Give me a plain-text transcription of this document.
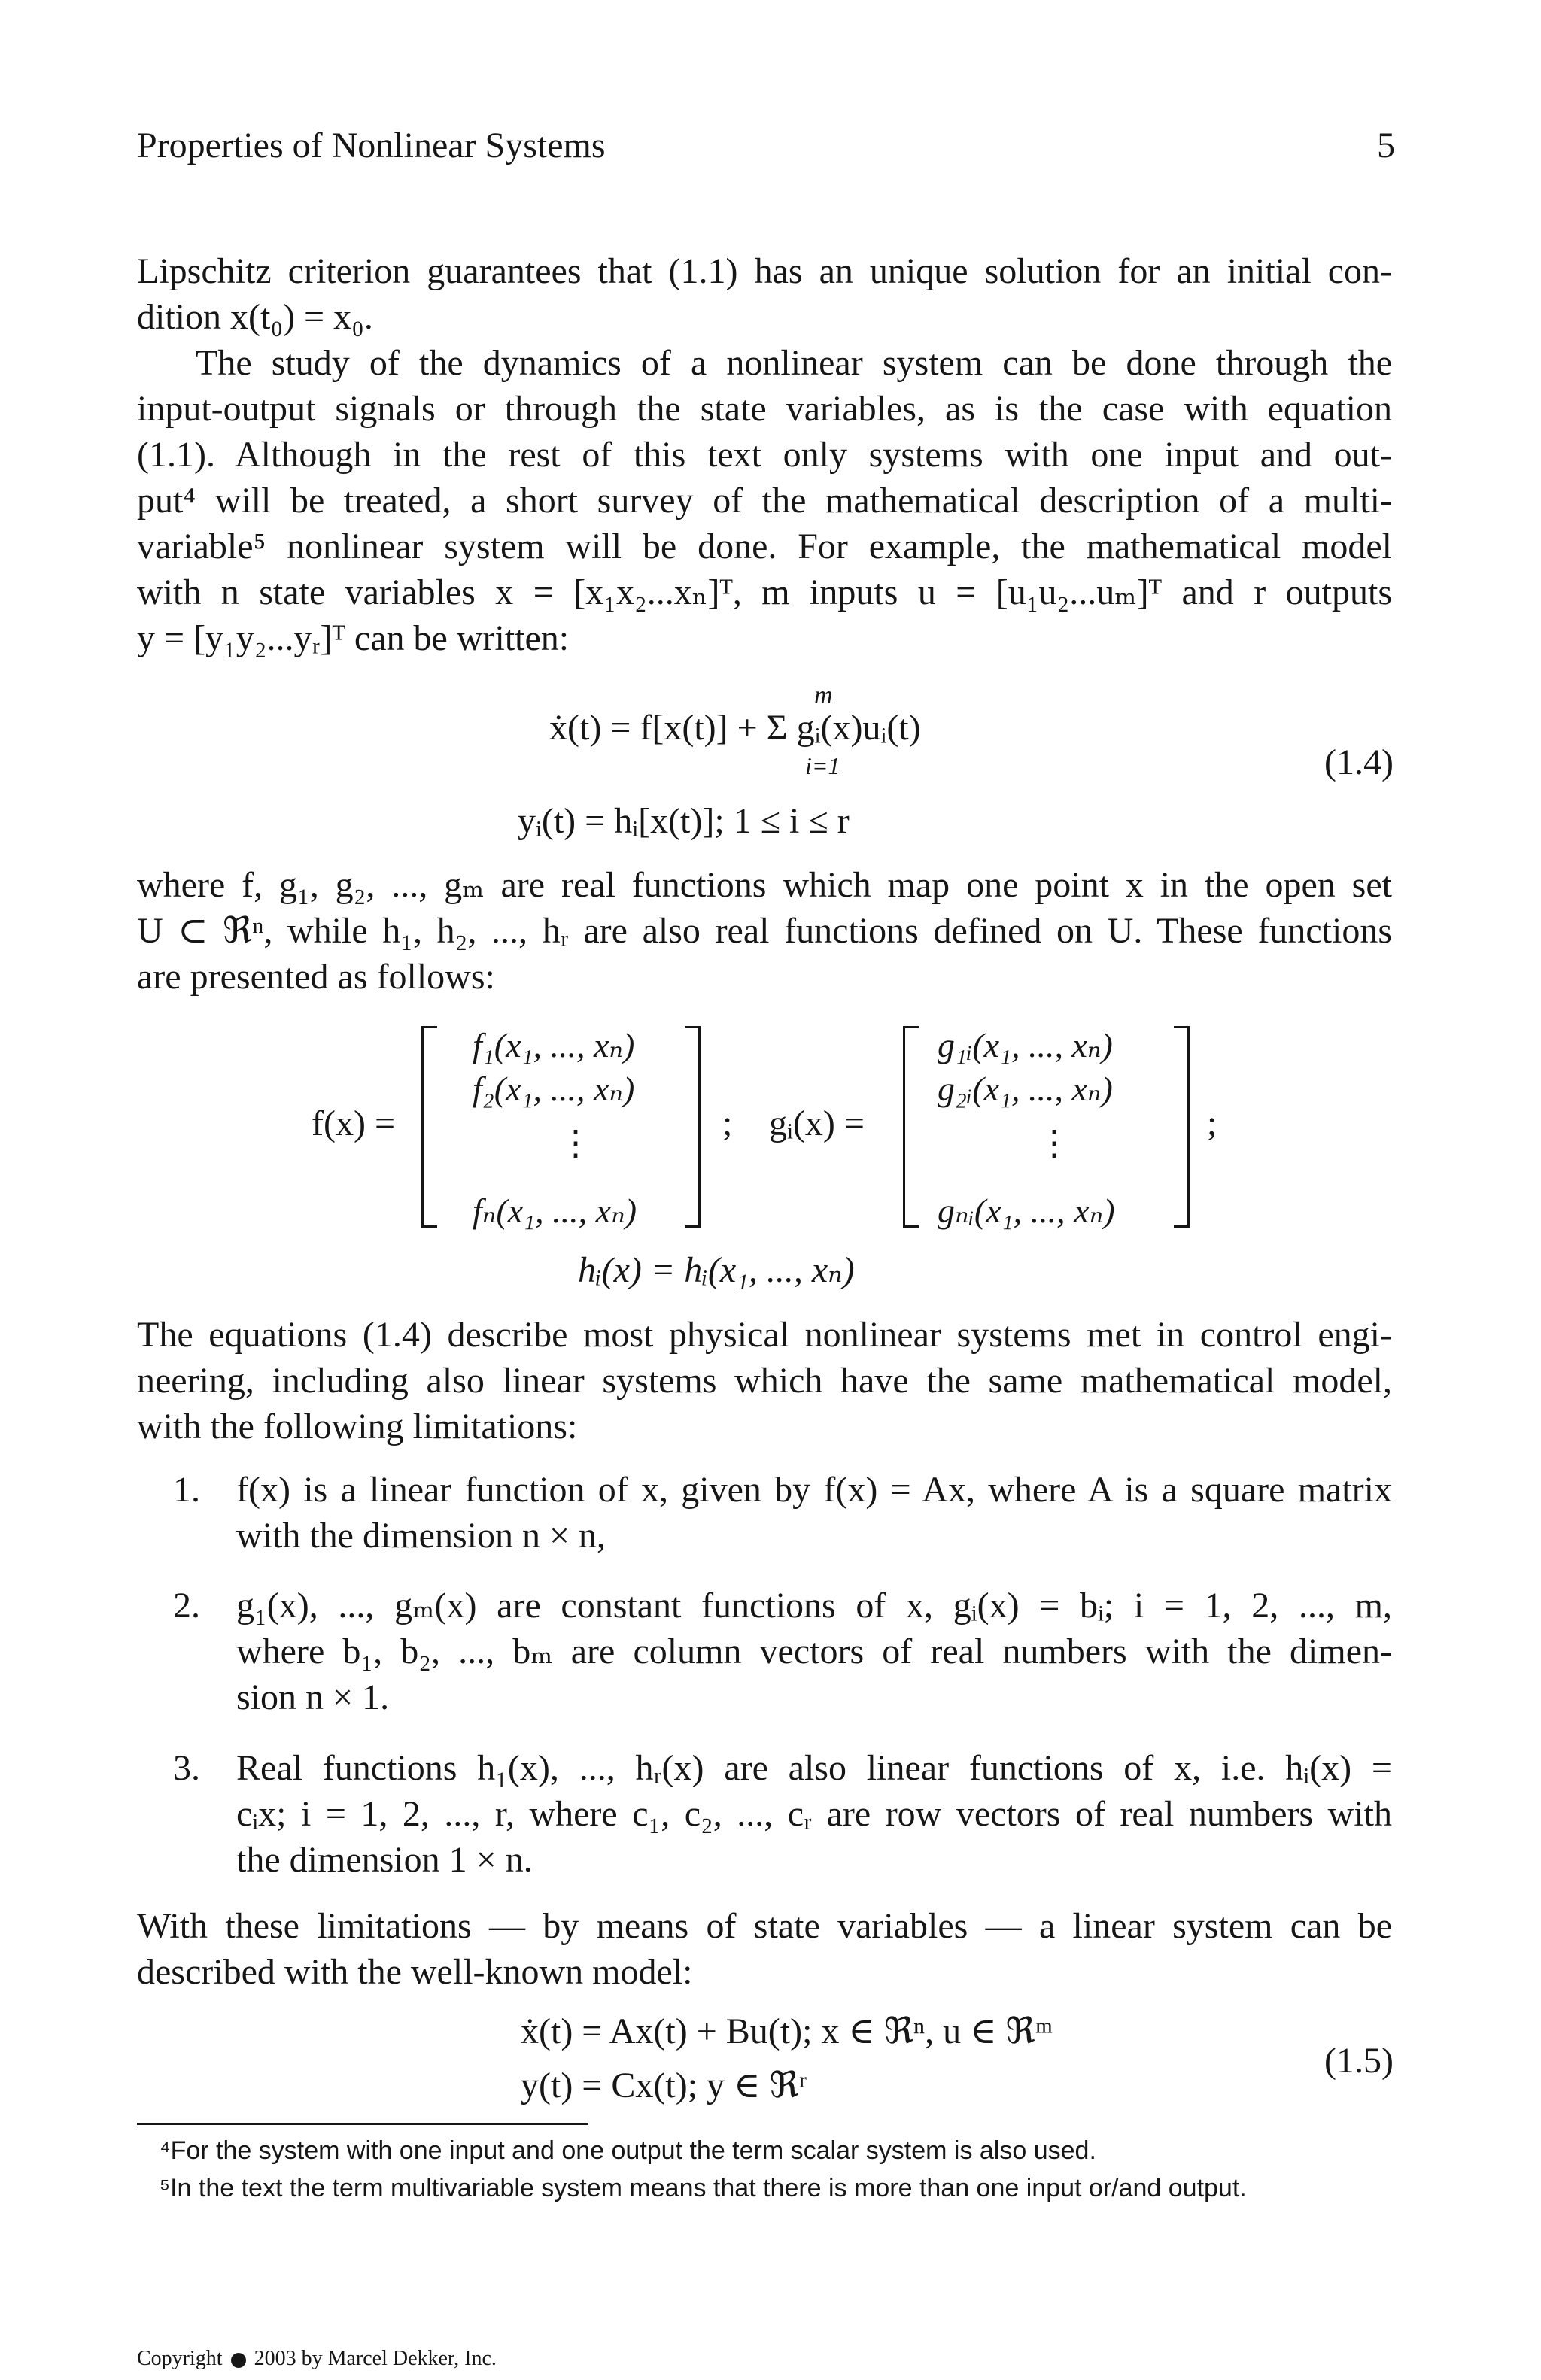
Properties of Nonlinear Systems	5
Lipschitz criterion guarantees that (1.1) has an unique solution for an initial con-
dition x(t₀) = x₀.
The study of the dynamics of a nonlinear system can be done through the
input-output signals or through the state variables, as is the case with equation
(1.1). Although in the rest of this text only systems with one input and out-
put⁴ will be treated, a short survey of the mathematical description of a multi-
variable⁵ nonlinear system will be done. For example, the mathematical model
with n state variables x = [x₁x₂...xₙ]ᵀ, m inputs u = [u₁u₂...uₘ]ᵀ and r outputs
y = [y₁y₂...yᵣ]ᵀ can be written:
m
ẋ(t) = f[x(t)] + Σ gᵢ(x)uᵢ(t)
i=1
yᵢ(t) = hᵢ[x(t)]; 1 ≤ i ≤ r
(1.4)
where f, g₁, g₂, ..., gₘ are real functions which map one point x in the open set
U ⊂ ℜⁿ, while h₁, h₂, ..., hᵣ are also real functions defined on U. These functions
are presented as follows:
f(x) =
f₁(x₁, ..., xₙ)
f₂(x₁, ..., xₙ)
⋮
fₙ(x₁, ..., xₙ)
; gᵢ(x) =
g₁ᵢ(x₁, ..., xₙ)
g₂ᵢ(x₁, ..., xₙ)
⋮
gₙᵢ(x₁, ..., xₙ)
;
hᵢ(x) = hᵢ(x₁, ..., xₙ)
The equations (1.4) describe most physical nonlinear systems met in control engi-
neering, including also linear systems which have the same mathematical model,
with the following limitations:
1. f(x) is a linear function of x, given by f(x) = Ax, where A is a square matrix
with the dimension n × n,
2. g₁(x), ..., gₘ(x) are constant functions of x, gᵢ(x) = bᵢ; i = 1, 2, ..., m,
where b₁, b₂, ..., bₘ are column vectors of real numbers with the dimen-
sion n × 1.
3. Real functions h₁(x), ..., hᵣ(x) are also linear functions of x, i.e. hᵢ(x) =
cᵢx; i = 1, 2, ..., r, where c₁, c₂, ..., cᵣ are row vectors of real numbers with
the dimension 1 × n.
With these limitations — by means of state variables — a linear system can be
described with the well-known model:
ẋ(t) = Ax(t) + Bu(t); x ∈ ℜⁿ, u ∈ ℜᵐ
y(t) = Cx(t); y ∈ ℜʳ
(1.5)
⁴For the system with one input and one output the term scalar system is also used.
⁵In the text the term multivariable system means that there is more than one input or/and output.
Copyright 2003 by Marcel Dekker, Inc.
